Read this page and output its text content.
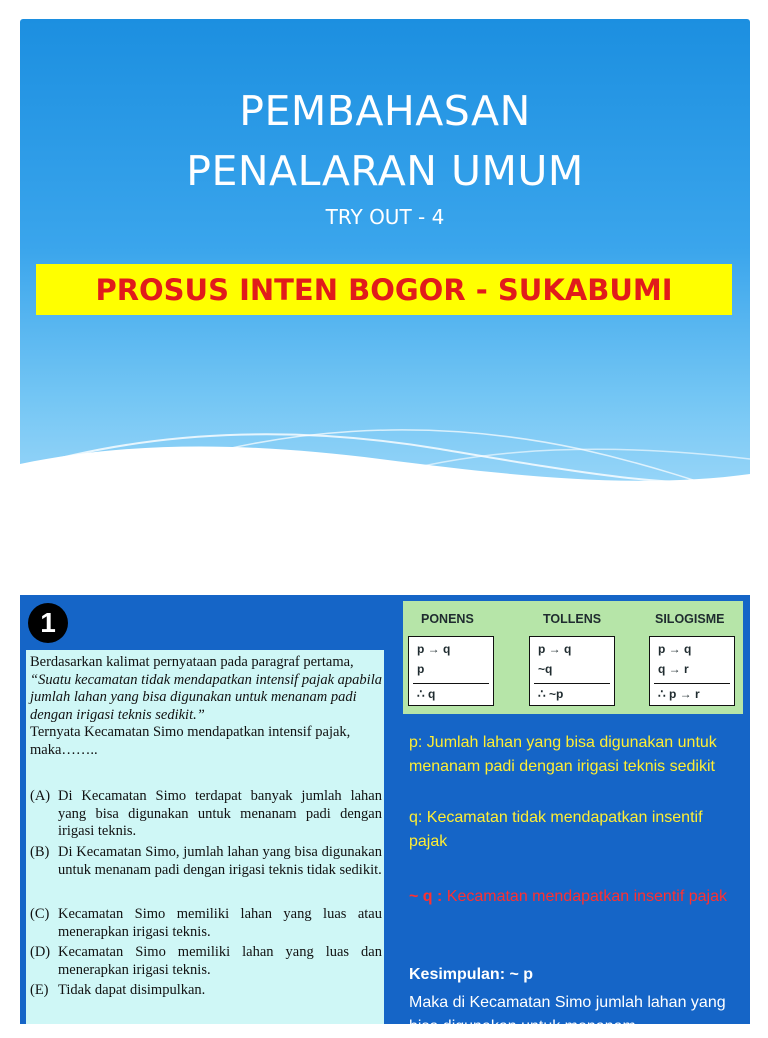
PEMBAHASAN
PENALARAN UMUM
TRY OUT - 4
PROSUS INTEN BOGOR - SUKABUMI
1

Berdasarkan kalimat pernyataan pada paragraf pertama,
“Suatu kecamatan tidak mendapatkan intensif pajak apabila jumlah lahan yang bisa digunakan untuk menanam padi dengan irigasi teknis sedikit.”
Ternyata Kecamatan Simo mendapatkan intensif pajak, maka……..

(A) Di Kecamatan Simo terdapat banyak jumlah lahan yang bisa digunakan untuk menanam padi dengan irigasi teknis.
(B) Di Kecamatan Simo, jumlah lahan yang bisa digunakan untuk menanam padi dengan irigasi teknis tidak sedikit.
(C) Kecamatan Simo memiliki lahan yang luas atau menerapkan irigasi teknis.
(D) Kecamatan Simo memiliki lahan yang luas dan menerapkan irigasi teknis.
(E) Tidak dapat disimpulkan.
PONENS	TOLLENS	SILOGISME
p → q
p
∴ q
p → q
~q
∴ ~p
p → q
q → r
∴ p → r
p: Jumlah lahan yang bisa digunakan untuk menanam padi dengan irigasi teknis sedikit
q: Kecamatan tidak mendapatkan insentif pajak
~ q : Kecamatan mendapatkan insentif pajak
Kesimpulan: ~ p
Maka di Kecamatan Simo jumlah lahan yang bisa digunakan untuk menanam
